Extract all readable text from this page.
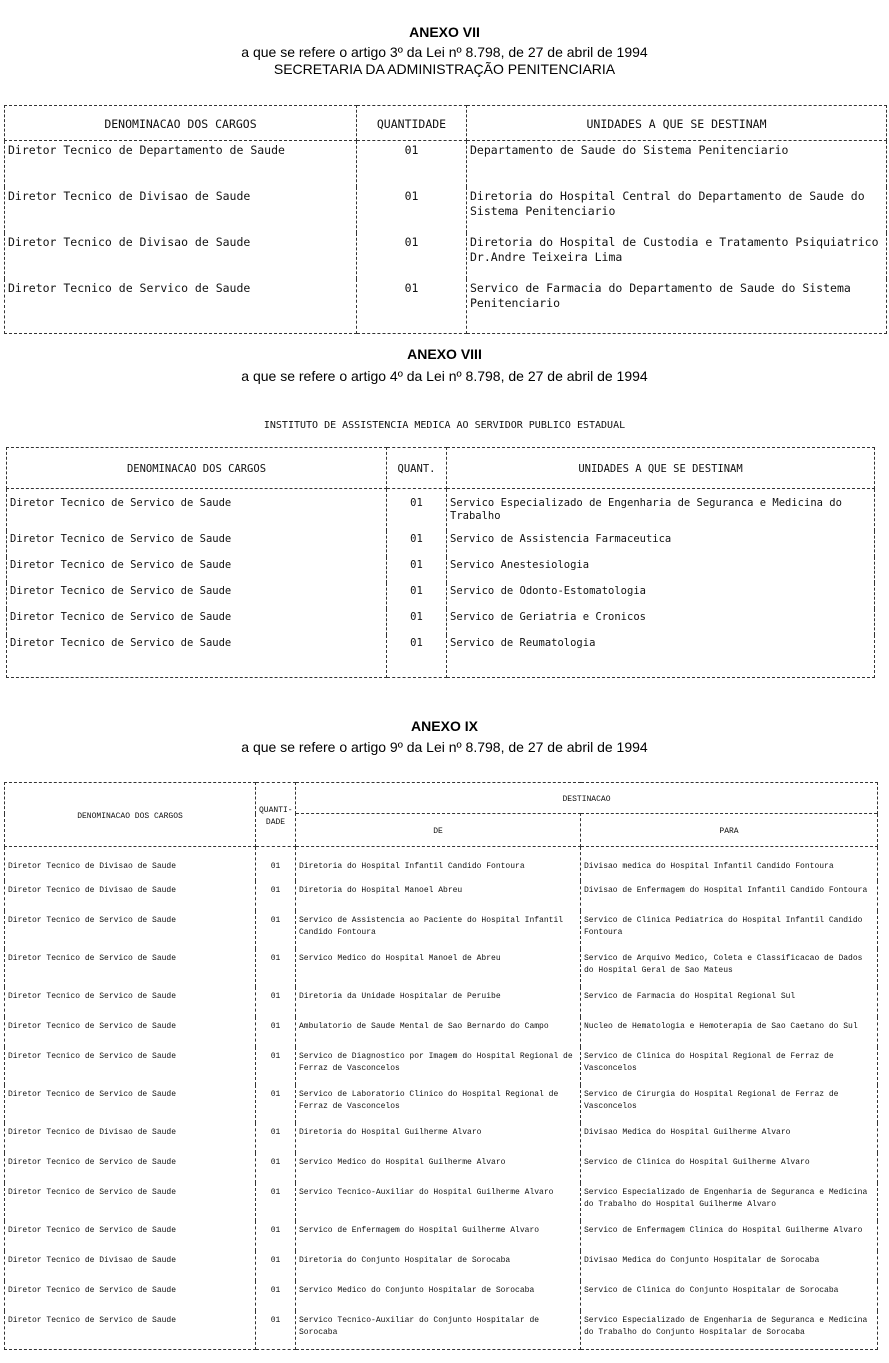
ANEXO VII
a que se refere o artigo 3º da Lei nº 8.798, de 27 de abril de 1994
SECRETARIA DA ADMINISTRAÇÃO PENITENCIARIA
DENOMINACAO DOS CARGOS	QUANTIDADE	UNIDADES A QUE SE DESTINAM
Diretor Tecnico de Departamento de Saude	01	Departamento de Saude do Sistema Penitenciario
Diretor Tecnico de Divisao de Saude	01	Diretoria do Hospital Central do Departamento de Saude do Sistema Penitenciario
Diretor Tecnico de Divisao de Saude	01	Diretoria do Hospital de Custodia e Tratamento Psiquiatrico Dr.Andre Teixeira Lima
Diretor Tecnico de Servico de Saude	01	Servico de Farmacia do Departamento de Saude do Sistema Penitenciario
ANEXO VIII
a que se refere o artigo 4º da Lei nº 8.798, de 27 de abril de 1994
INSTITUTO DE ASSISTENCIA MEDICA AO SERVIDOR PUBLICO ESTADUAL
DENOMINACAO DOS CARGOS	QUANT.	UNIDADES A QUE SE DESTINAM
Diretor Tecnico de Servico de Saude	01	Servico Especializado de Engenharia de Seguranca e Medicina do Trabalho
Diretor Tecnico de Servico de Saude	01	Servico de Assistencia Farmaceutica
Diretor Tecnico de Servico de Saude	01	Servico Anestesiologia
Diretor Tecnico de Servico de Saude	01	Servico de Odonto-Estomatologia
Diretor Tecnico de Servico de Saude	01	Servico de Geriatria e Cronicos
Diretor Tecnico de Servico de Saude	01	Servico de Reumatologia
ANEXO IX
a que se refere o artigo 9º da Lei nº 8.798, de 27 de abril de 1994
DENOMINACAO DOS CARGOS	QUANTI-DADE	DESTINACAO	
		DE	PARA
Diretor Tecnico de Divisao de Saude	01	Diretoria do Hospital Infantil Candido Fontoura	Divisao medica do Hospital Infantil Candido Fontoura
Diretor Tecnico de Divisao de Saude	01	Diretoria do Hospital Manoel Abreu	Divisao de Enfermagem do Hospital Infantil Candido Fontoura
Diretor Tecnico de Servico de Saude	01	Servico de Assistencia ao Paciente do Hospital Infantil Candido Fontoura	Servico de Clinica Pediatrica do Hospital Infantil Candido Fontoura
Diretor Tecnico de Servico de Saude	01	Servico Medico do Hospital Manoel de Abreu	Servico de Arquivo Medico, Coleta e Classificacao de Dados do Hospital Geral de Sao Mateus
Diretor Tecnico de Servico de Saude	01	Diretoria da Unidade Hospitalar de Peruibe	Servico de Farmacia do Hospital Regional Sul
Diretor Tecnico de Servico de Saude	01	Ambulatorio de Saude Mental de Sao Bernardo do Campo	Nucleo de Hematologia e Hemoterapia de Sao Caetano do Sul
Diretor Tecnico de Servico de Saude	01	Servico de Diagnostico por Imagem do Hospital Regional de Ferraz de Vasconcelos	Servico de Clinica do Hospital Regional de Ferraz de Vasconcelos
Diretor Tecnico de Servico de Saude	01	Servico de Laboratorio Clinico do Hospital Regional de Ferraz de Vasconcelos	Servico de Cirurgia do Hospital Regional de Ferraz de Vasconcelos
Diretor Tecnico de Divisao de Saude	01	Diretoria do Hospital Guilherme Alvaro	Divisao Medica do Hospital Guilherme Alvaro
Diretor Tecnico de Servico de Saude	01	Servico Medico do Hospital Guilherme Alvaro	Servico de Clinica do Hospital Guilherme Alvaro
Diretor Tecnico de Servico de Saude	01	Servico Tecnico-Auxiliar do Hospital Guilherme Alvaro	Servico Especializado de Engenharia de Seguranca e Medicina do Trabalho do Hospital Guilherme Alvaro
Diretor Tecnico de Servico de Saude	01	Servico de Enfermagem do Hospital Guilherme Alvaro	Servico de Enfermagem Clinica do Hospital Guilherme Alvaro
Diretor Tecnico de Divisao de Saude	01	Diretoria do Conjunto Hospitalar de Sorocaba	Divisao Medica do Conjunto Hospitalar de Sorocaba
Diretor Tecnico de Servico de Saude	01	Servico Medico do Conjunto Hospitalar de Sorocaba	Servico de Clinica do Conjunto Hospitalar de Sorocaba
Diretor Tecnico de Servico de Saude	01	Servico Tecnico-Auxiliar do Conjunto Hospitalar de Sorocaba	Servico Especializado de Engenharia de Seguranca e Medicina do Trabalho do Conjunto Hospitalar de Sorocaba
